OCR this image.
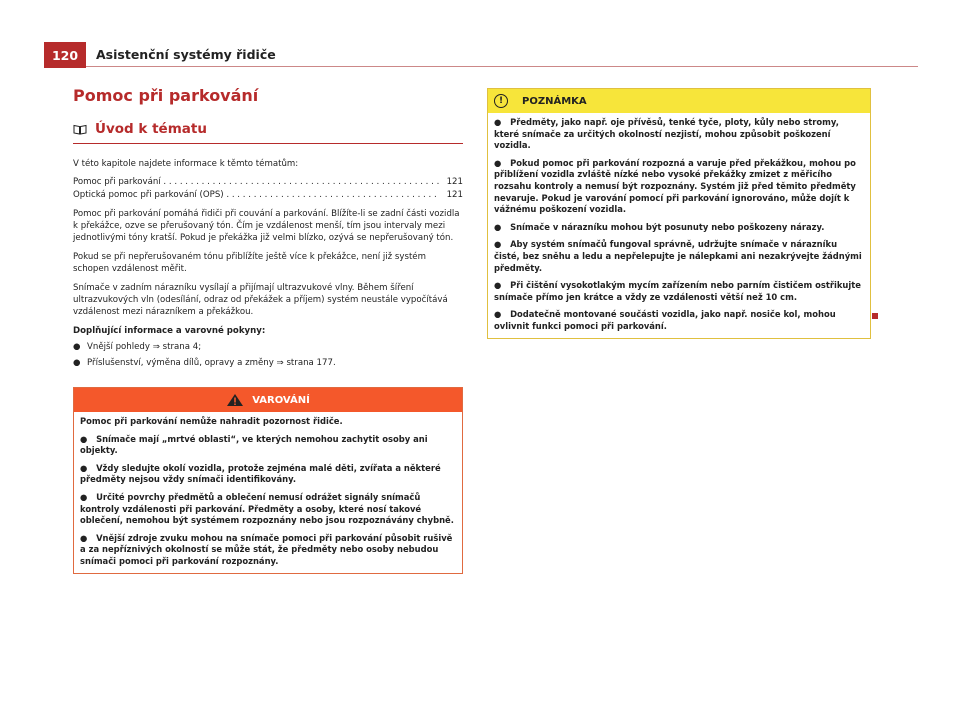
120	Asistenční systémy řidiče
Pomoc při parkování
Úvod k tématu

V této kapitole najdete informace k těmto tématům:

Pomoc při parkování . . .	121
Optická pomoc při parkování (OPS) . . .	121

Pomoc při parkování pomáhá řidiči při couvání a parkování. Blížíte-li se zadní části vozidla k překážce, ozve se přerušovaný tón. Čím je vzdálenost menší, tím jsou intervaly mezi jednotlivými tóny kratší. Pokud je překážka již velmi blízko, ozývá se nepřerušovaný tón.

Pokud se při nepřerušovaném tónu přiblížíte ještě více k překážce, není již systém schopen vzdálenost měřit.

Snímače v zadním nárazníku vysílají a přijímají ultrazvukové vlny. Během šíření ultrazvukových vln (odesílání, odraz od překážek a příjem) systém neustále vypočítává vzdálenost mezi nárazníkem a překážkou.

Doplňující informace a varovné pokyny:

● Vnější pohledy ⇒ strana 4;
● Příslušenství, výměna dílů, opravy a změny ⇒ strana 177.
VAROVÁNÍ

Pomoc při parkování nemůže nahradit pozornost řidiče.

●   Snímače mají „mrtvé oblasti“, ve kterých nemohou zachytit osoby ani objekty.

●   Vždy sledujte okolí vozidla, protože zejména malé děti, zvířata a některé předměty nejsou vždy snímači identifikovány.

●   Určité povrchy předmětů a oblečení nemusí odrážet signály snímačů kontroly vzdálenosti při parkování. Předměty a osoby, které nosí takové oblečení, nemohou být systémem rozpoznány nebo jsou rozpoznávány chybně.

●   Vnější zdroje zvuku mohou na snímače pomoci při parkování působit rušivě a za nepříznivých okolností se může stát, že předměty nebo osoby nebudou snímači pomoci při parkování rozpoznány.

!	POZNÁMKA

●   Předměty, jako např. oje přívěsů, tenké tyče, ploty, kůly nebo stromy, které snímače za určitých okolností nezjistí, mohou způsobit poškození vozidla.

●   Pokud pomoc při parkování rozpozná a varuje před překážkou, mohou po přiblížení vozidla zvláště nízké nebo vysoké překážky zmizet z měřicího rozsahu kontroly a nemusí být rozpoznány. Systém již před těmito předměty nevaruje. Pokud je varování pomocí při parkování ignorováno, může dojít k vážnému poškození vozidla.

●   Snímače v nárazníku mohou být posunuty nebo poškozeny nárazy.

●   Aby systém snímačů fungoval správně, udržujte snímače v nárazníku čisté, bez sněhu a ledu a nepřelepujte je nálepkami ani nezakrývejte žádnými předměty.

●   Při čištění vysokotlakým mycím zařízením nebo parním čističem ostřikujte snímače přímo jen krátce a vždy ze vzdálenosti větší než 10 cm.

●   Dodatečně montované součásti vozidla, jako např. nosiče kol, mohou ovlivnit funkci pomoci při parkování.
